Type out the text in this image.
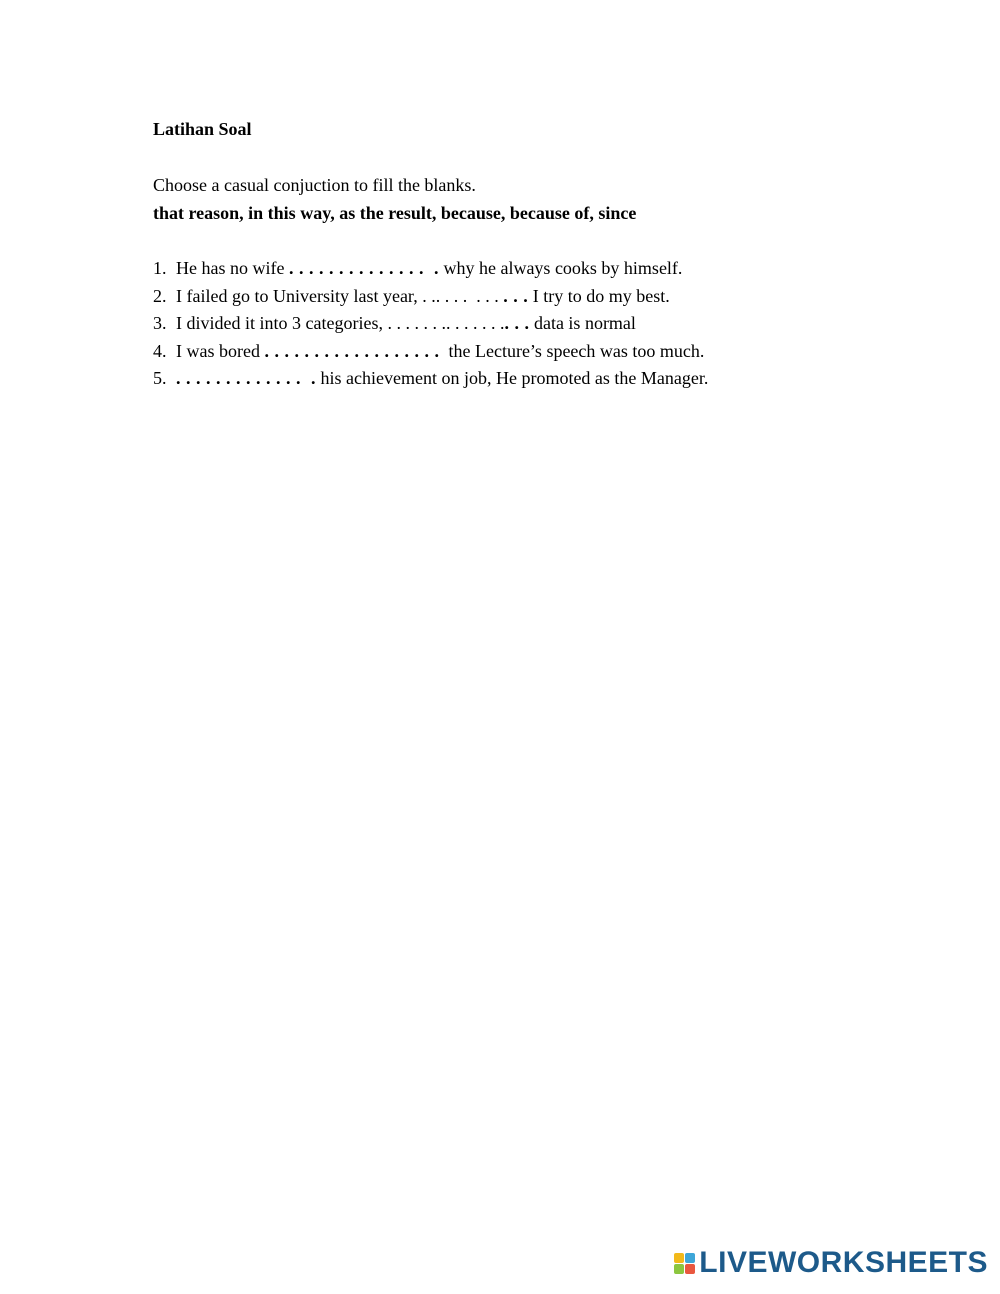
Latihan Soal

Choose a casual conjuction to fill the blanks.
that reason, in this way, as the result, because, because of, since
1. He has no wife . . . . . . . . . . . . . .  . why he always cooks by himself.
2. I failed go to University last year, . .. . . .  . . . . . . I try to do my best.
3. I divided it into 3 categories, . . . . . . .. . . . . . . . . . data is normal
4. I was bored . . . . . . . . . . . . . . . . . . the Lecture’s speech was too much.
5. . . . . . . . . . . . . .  . his achievement on job, He promoted as the Manager.
LIVEWORKSHEETS
